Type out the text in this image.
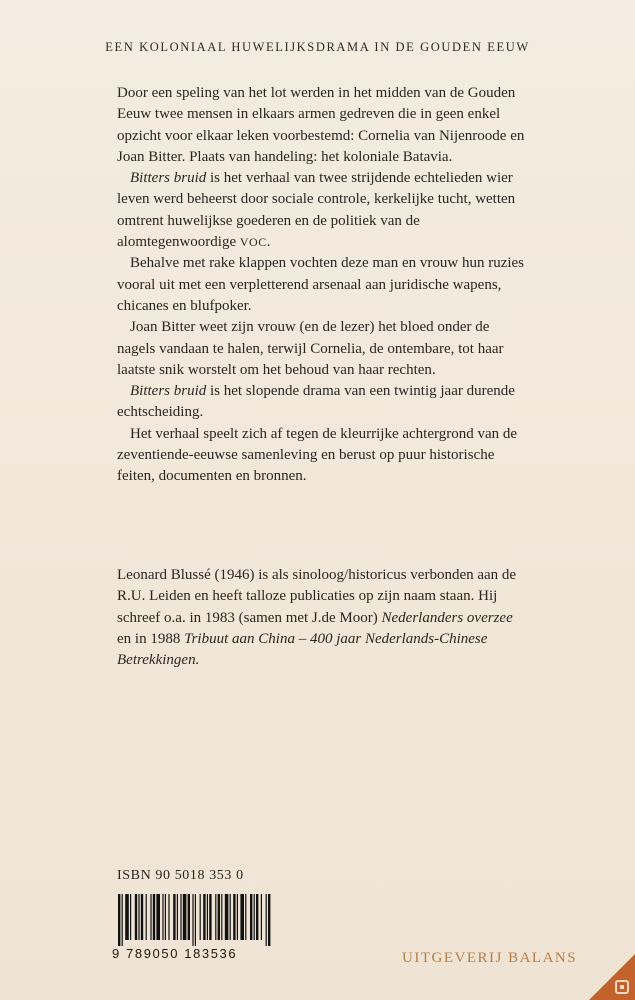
EEN KOLONIAAL HUWELIJKSDRAMA IN DE GOUDEN EEUW

Door een speling van het lot werden in het midden van de Gouden Eeuw twee mensen in elkaars armen gedreven die in geen enkel opzicht voor elkaar leken voorbestemd: Cornelia van Nijenroode en Joan Bitter. Plaats van handeling: het koloniale Batavia.

Bitters bruid is het verhaal van twee strijdende echtelieden wier leven werd beheerst door sociale controle, kerkelijke tucht, wetten omtrent huwelijkse goederen en de politiek van de alomtegenwoordige VOC.

Behalve met rake klappen vochten deze man en vrouw hun ruzies vooral uit met een verpletterend arsenaal aan juridische wapens, chicanes en blufpoker.

Joan Bitter weet zijn vrouw (en de lezer) het bloed onder de nagels vandaan te halen, terwijl Cornelia, de ontembare, tot haar laatste snik worstelt om het behoud van haar rechten.

Bitters bruid is het slopende drama van een twintig jaar durende echtscheiding.

Het verhaal speelt zich af tegen de kleurrijke achtergrond van de zeventiende-eeuwse samenleving en berust op puur historische feiten, documenten en bronnen.

Leonard Blussé (1946) is als sinoloog/historicus verbonden aan de R.U. Leiden en heeft talloze publicaties op zijn naam staan. Hij schreef o.a. in 1983 (samen met J.de Moor) Nederlanders overzee en in 1988 Tribuut aan China – 400 jaar Nederlands-Chinese Betrekkingen.

ISBN 90 5018 353 0
9 789050 183536	UITGEVERIJ BALANS
